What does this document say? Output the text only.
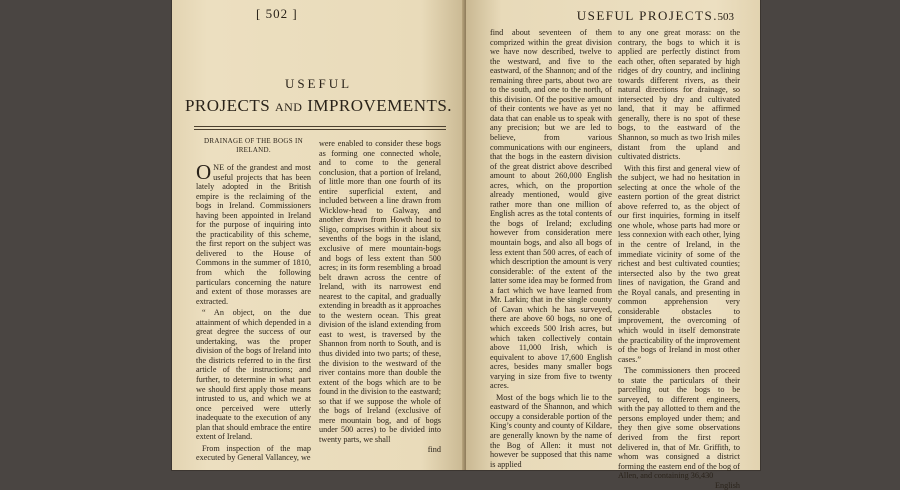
[ 502 ]
USEFUL
PROJECTS AND IMPROVEMENTS.
DRAINAGE OF THE BOGS IN IRELAND.

ONE of the grandest and most useful projects that has been lately adopted in the British empire is the reclaiming of the bogs in Ireland. Commissioners having been appointed in Ireland for the purpose of inquiring into the practicability of this scheme, the first report on the subject was delivered to the House of Commons in the summer of 1810, from which the following particulars concerning the nature and extent of those morasses are extracted.

“ An object, on the due attainment of which depended in a great degree the success of our undertaking, was the proper division of the bogs of Ireland into the districts referred to in the first article of the instructions; and further, to determine in what part we should first apply those means intrusted to us, and which we at once perceived were utterly inadequate to the execution of any plan that should embrace the entire extent of Ireland.

From inspection of the map executed by General Vallancey, we

were enabled to consider these bogs as forming one connected whole, and to come to the general conclusion, that a portion of Ireland, of little more than one fourth of its entire superficial extent, and included between a line drawn from Wicklow-head to Galway, and another drawn from Howth head to Sligo, comprises within it about six sevenths of the bogs in the island, exclusive of mere mountain-bogs and bogs of less extent than 500 acres; in its form resembling a broad belt drawn across the centre of Ireland, with its narrowest end nearest to the capital, and gradually extending in breadth as it approaches to the western ocean. This great division of the island extending from east to west, is traversed by the Shannon from north to South, and is thus divided into two parts; of these, the division to the westward of the river contains more than double the extent of the bogs which are to be found in the division to the eastward; so that if we suppose the whole of the bogs of Ireland (exclusive of mere mountain bog, and of bogs under 500 acres) to be divided into twenty parts, we shall

find
USEFUL PROJECTS. 503

find about seventeen of them comprized within the great division we have now described, twelve to the westward, and five to the eastward, of the Shannon; and of the remaining three parts, about two are to the south, and one to the north, of this division. Of the positive amount of their contents we have as yet no data that can enable us to speak with any precision; but we are led to believe, from various communications with our engineers, that the bogs in the eastern division of the great district above described amount to about 260,000 English acres, which, on the proportion already mentioned, would give rather more than one million of English acres as the total contents of the bogs of Ireland; excluding however from consideration mere mountain bogs, and also all bogs of less extent than 500 acres, of each of which description the amount is very considerable: of the extent of the latter some idea may be formed from a fact which we have learned from Mr. Larkin; that in the single county of Cavan which he has surveyed, there are above 60 bogs, no one of which exceeds 500 Irish acres, but which taken collectively contain above 11,000 Irish, which is equivalent to above 17,600 English acres, besides many smaller bogs varying in size from five to twenty acres.

Most of the bogs which lie to the eastward of the Shannon, and which occupy a considerable portion of the King’s county and county of Kildare, are generally known by the name of the Bog of Allen: it must not however be supposed that this name is applied

to any one great morass: on the contrary, the bogs to which it is applied are perfectly distinct from each other, often separated by high ridges of dry country, and inclining towards different rivers, as their natural directions for drainage, so intersected by dry and cultivated land, that it may be affirmed generally, there is no spot of these bogs, to the eastward of the Shannon, so much as two Irish miles distant from the upland and cultivated districts.

With this first and general view of the subject, we had no hesitation in selecting at once the whole of the eastern portion of the great district above referred to, as the object of our first inquiries, forming in itself one whole, whose parts had more or less connexion with each other, lying in the centre of Ireland, in the immediate vicinity of some of the richest and best cultivated counties; intersected also by the two great lines of navigation, the Grand and the Royal canals, and presenting in common apprehension very considerable obstacles to improvement, the overcoming of which would in itself demonstrate the practicability of the improvement of the bogs of Ireland in most other cases.”

The commissioners then proceed to state the particulars of their parcelling out the bogs to be surveyed, to different engineers, with the pay allotted to them and the persons employed under them; and they then give some observations derived from the first report delivered in, that of Mr. Griffith, to whom was consigned a district forming the eastern end of the bog of Allen, and containing 36,430

English
